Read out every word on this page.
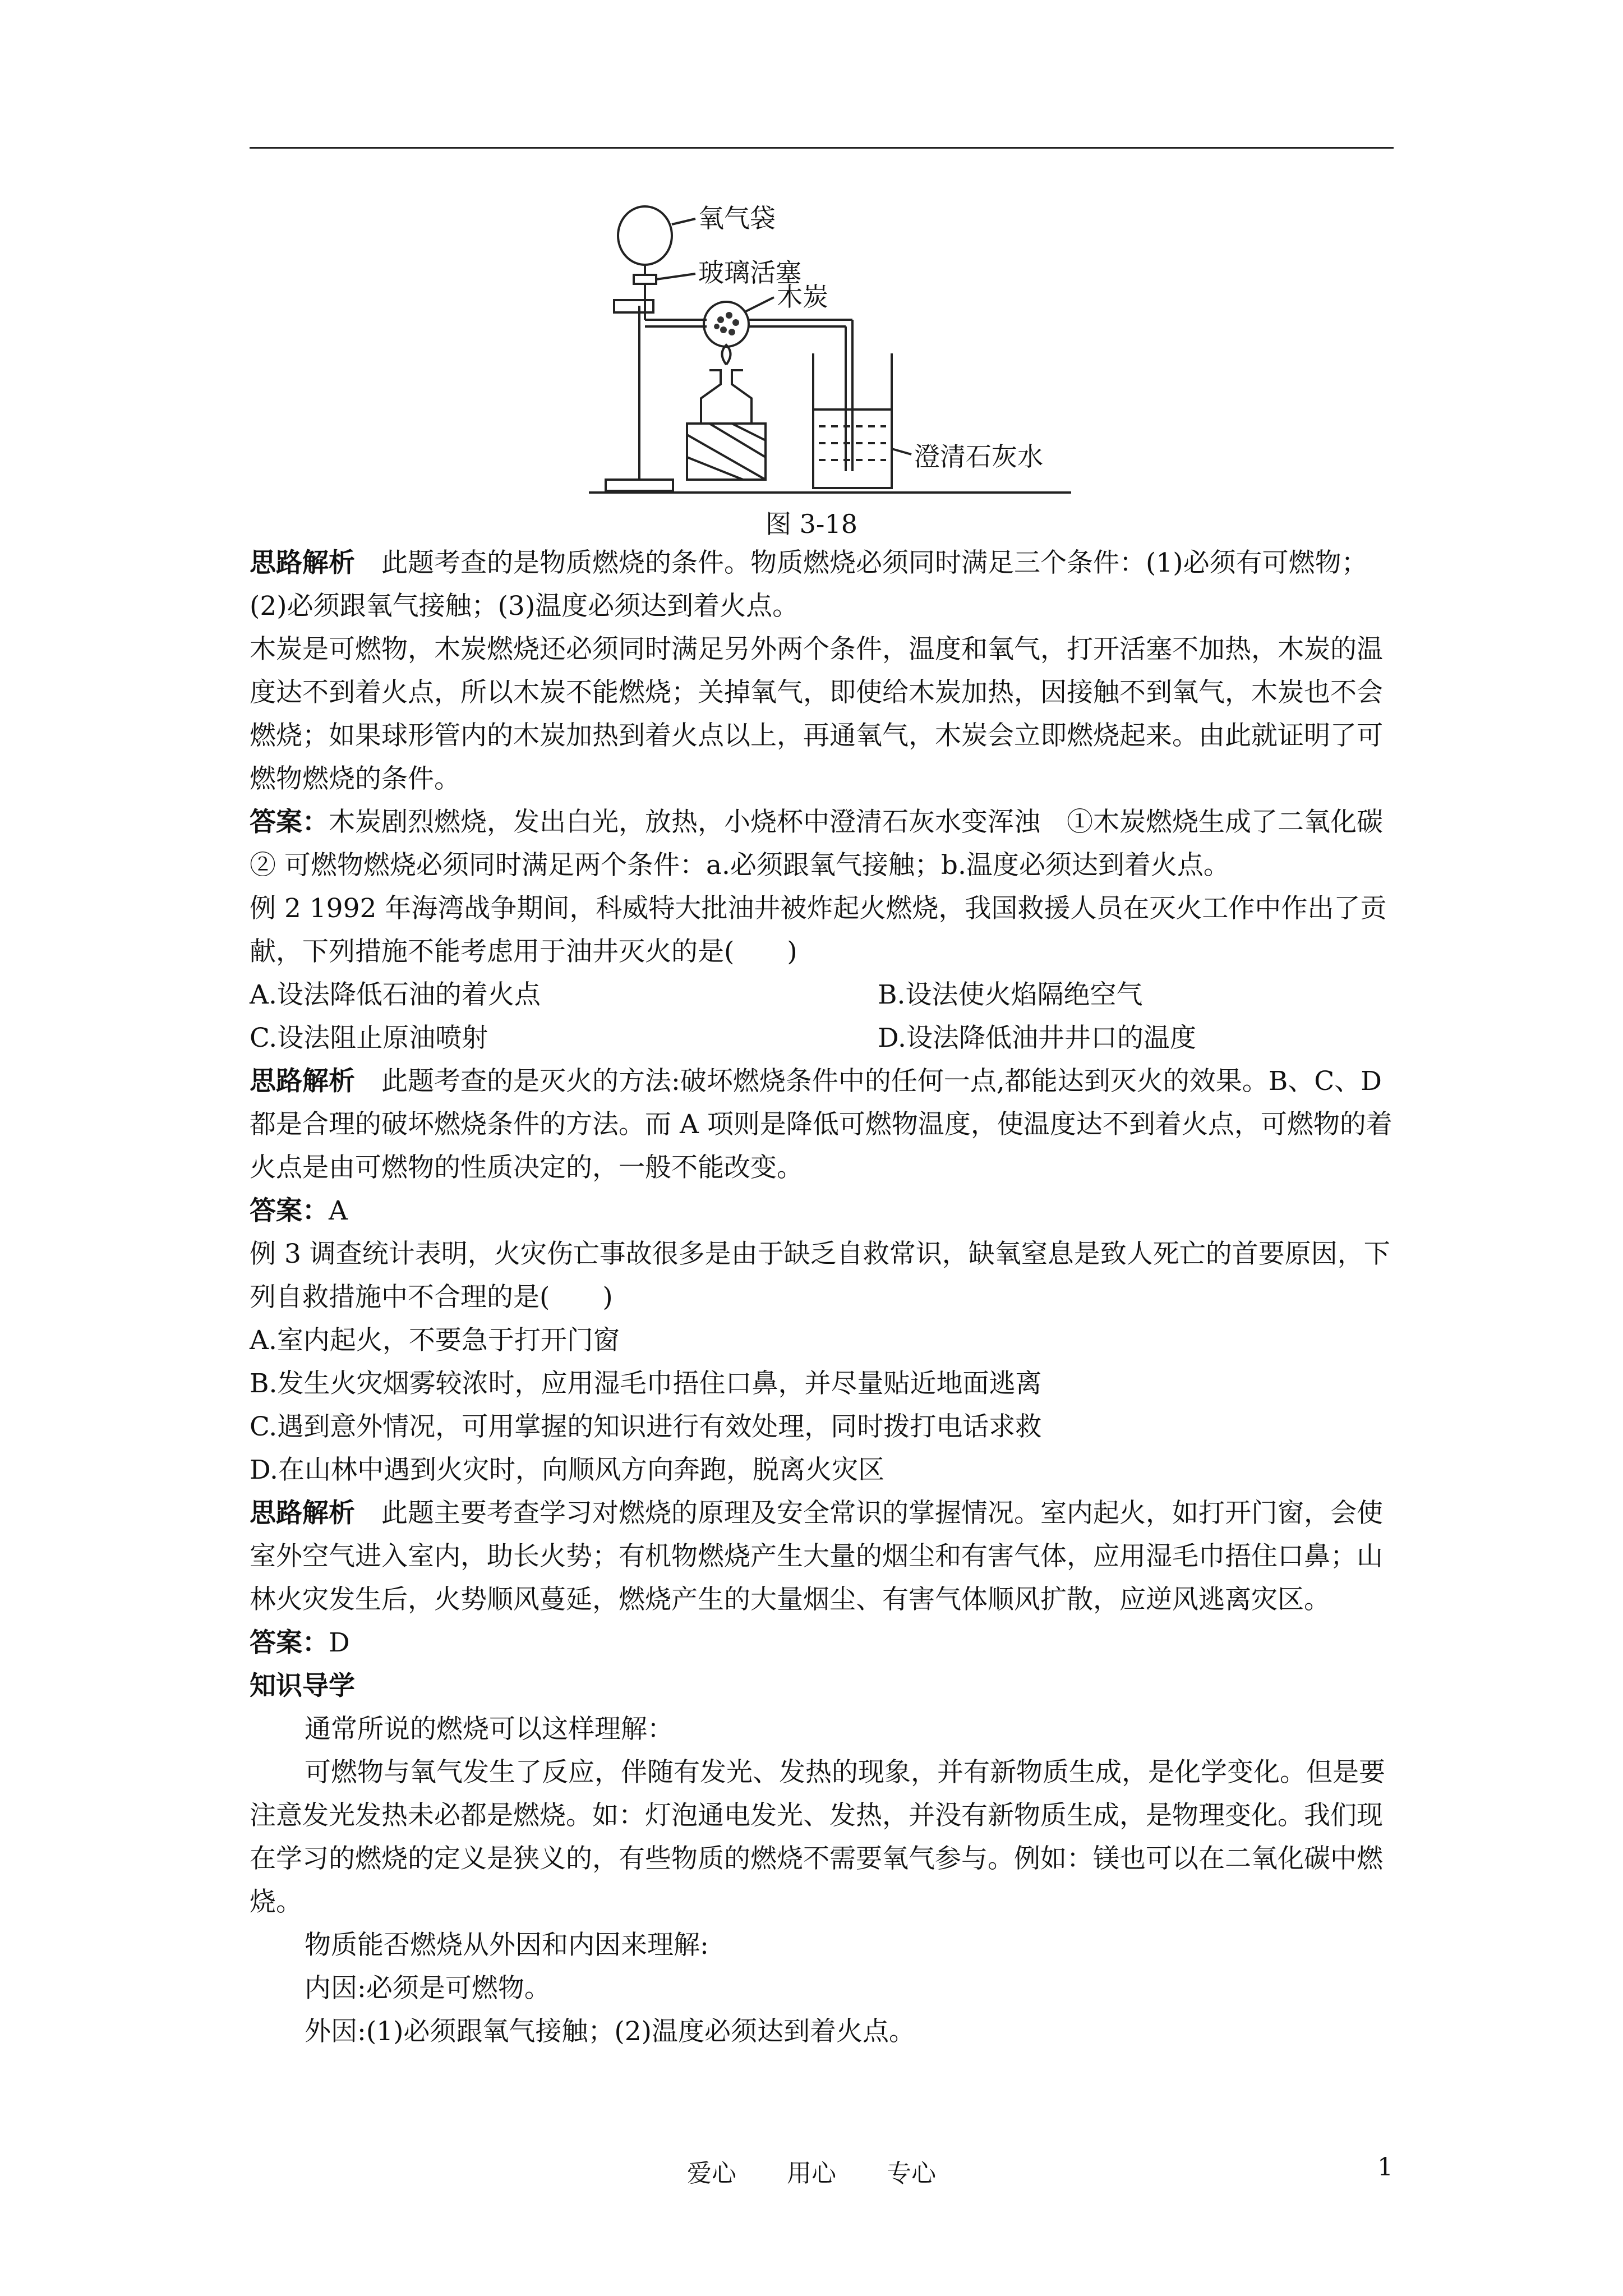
氧气袋
玻璃活塞
木炭
澄清石灰水
图 3-18

思路解析　此题考查的是物质燃烧的条件。物质燃烧必须同时满足三个条件：(1)必须有可燃物；(2)必须跟氧气接触；(3)温度必须达到着火点。

木炭是可燃物，木炭燃烧还必须同时满足另外两个条件，温度和氧气，打开活塞不加热，木炭的温度达不到着火点，所以木炭不能燃烧；关掉氧气，即使给木炭加热，因接触不到氧气，木炭也不会燃烧；如果球形管内的木炭加热到着火点以上，再通氧气，木炭会立即燃烧起来。由此就证明了可燃物燃烧的条件。

答案：木炭剧烈燃烧，发出白光，放热，小烧杯中澄清石灰水变浑浊　①木炭燃烧生成了二氧化碳　② 可燃物燃烧必须同时满足两个条件：a.必须跟氧气接触；b.温度必须达到着火点。

例 2 1992 年海湾战争期间，科威特大批油井被炸起火燃烧，我国救援人员在灭火工作中作出了贡献，下列措施不能考虑用于油井灭火的是(　　)

A.设法降低石油的着火点	B.设法使火焰隔绝空气
C.设法阻止原油喷射	D.设法降低油井井口的温度

思路解析　此题考查的是灭火的方法:破坏燃烧条件中的任何一点,都能达到灭火的效果。B、C、D 都是合理的破坏燃烧条件的方法。而 A 项则是降低可燃物温度，使温度达不到着火点，可燃物的着火点是由可燃物的性质决定的，一般不能改变。

答案：A

例 3 调查统计表明，火灾伤亡事故很多是由于缺乏自救常识，缺氧窒息是致人死亡的首要原因，下列自救措施中不合理的是(　　)

A.室内起火，不要急于打开门窗

B.发生火灾烟雾较浓时，应用湿毛巾捂住口鼻，并尽量贴近地面逃离

C.遇到意外情况，可用掌握的知识进行有效处理，同时拨打电话求救

D.在山林中遇到火灾时，向顺风方向奔跑，脱离火灾区

思路解析　此题主要考查学习对燃烧的原理及安全常识的掌握情况。室内起火，如打开门窗，会使室外空气进入室内，助长火势；有机物燃烧产生大量的烟尘和有害气体，应用湿毛巾捂住口鼻；山林火灾发生后，火势顺风蔓延，燃烧产生的大量烟尘、有害气体顺风扩散，应逆风逃离灾区。

答案：D

知识导学

通常所说的燃烧可以这样理解：

可燃物与氧气发生了反应，伴随有发光、发热的现象，并有新物质生成，是化学变化。但是要注意发光发热未必都是燃烧。如：灯泡通电发光、发热，并没有新物质生成，是物理变化。我们现在学习的燃烧的定义是狭义的，有些物质的燃烧不需要氧气参与。例如：镁也可以在二氧化碳中燃烧。

物质能否燃烧从外因和内因来理解:

内因:必须是可燃物。

外因:(1)必须跟氧气接触；(2)温度必须达到着火点。

爱心 用心 专心	1
